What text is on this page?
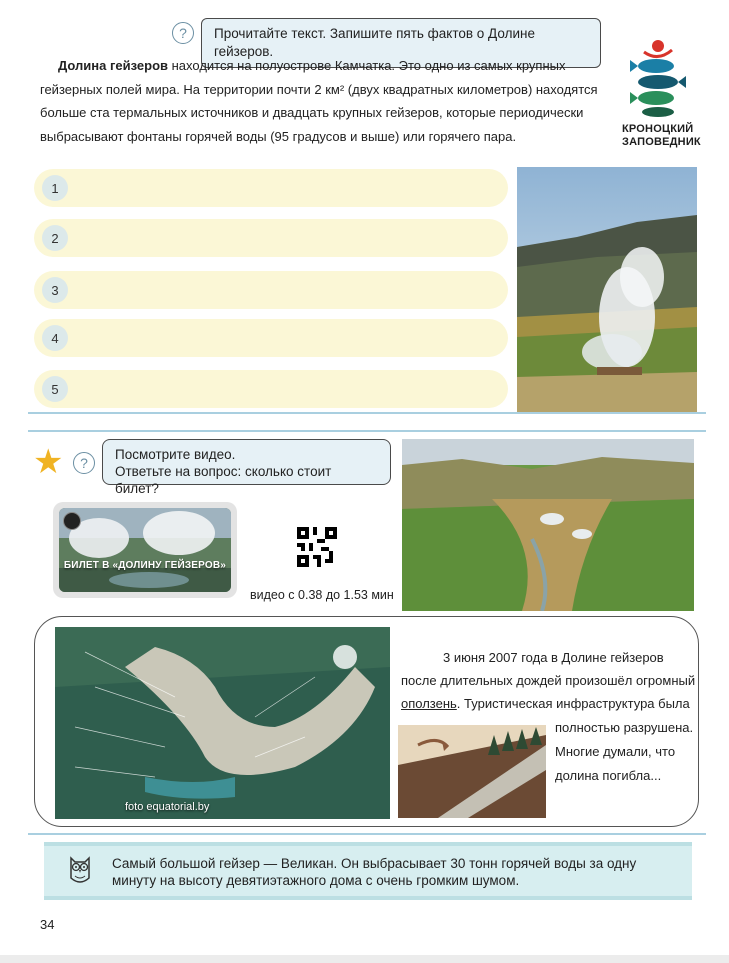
?	Прочитайте текст. Запишите пять фактов о Долине гейзеров.
КРОНОЦКИЙ
ЗАПОВЕДНИК
Долина гейзеров находится на полуострове Камчатка. Это одно из самых крупных
гейзерных полей мира. На территории почти 2 км² (двух квадратных километров) находятся
больше ста термальных источников и двадцать крупных гейзеров, которые периодически
выбрасывают фонтаны горячей воды (95 градусов и выше) или горячего пара.
1
2
3
4
5
★ ?
Посмотрите видео.
Ответьте на вопрос: сколько стоит билет?
БИЛЕТ В «ДОЛИНУ ГЕЙЗЕРОВ»
видео с 0.38 до 1.53 мин
foto equatorial.by
3 июня 2007 года в Долине гейзеров
после длительных дождей произошёл огромный
оползень. Туристическая инфраструктура была
полностью разрушена.
Многие думали, что
долина погибла...
Самый большой гейзер — Великан. Он выбрасывает 30 тонн горячей воды за одну
минуту на высоту девятиэтажного дома с очень громким шумом.
34
